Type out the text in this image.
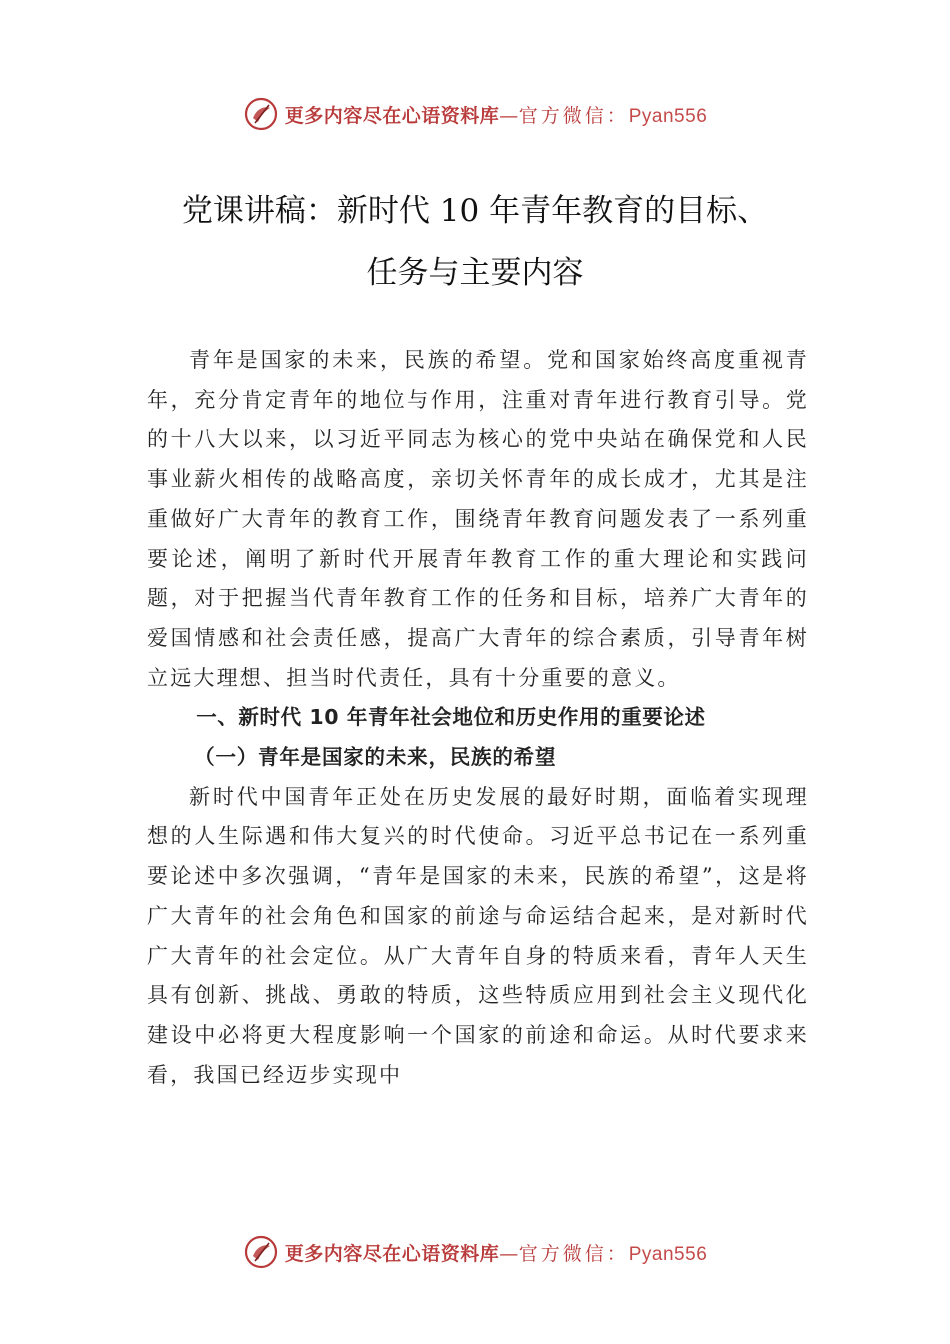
更多内容尽在心语资料库—官方微信：Pyan556
党课讲稿：新时代 10 年青年教育的目标、
任务与主要内容

青年是国家的未来，民族的希望。党和国家始终高度重视青年，充分肯定青年的地位与作用，注重对青年进行教育引导。党的十八大以来，以习近平同志为核心的党中央站在确保党和人民事业薪火相传的战略高度，亲切关怀青年的成长成才，尤其是注重做好广大青年的教育工作，围绕青年教育问题发表了一系列重要论述，阐明了新时代开展青年教育工作的重大理论和实践问题，对于把握当代青年教育工作的任务和目标，培养广大青年的爱国情感和社会责任感，提高广大青年的综合素质，引导青年树立远大理想、担当时代责任，具有十分重要的意义。

一、新时代 10 年青年社会地位和历史作用的重要论述
（一）青年是国家的未来，民族的希望

新时代中国青年正处在历史发展的最好时期，面临着实现理想的人生际遇和伟大复兴的时代使命。习近平总书记在一系列重要论述中多次强调，“青年是国家的未来，民族的希望”，这是将广大青年的社会角色和国家的前途与命运结合起来，是对新时代广大青年的社会定位。从广大青年自身的特质来看，青年人天生具有创新、挑战、勇敢的特质，这些特质应用到社会主义现代化建设中必将更大程度影响一个国家的前途和命运。从时代要求来看，我国已经迈步实现中

更多内容尽在心语资料库—官方微信：Pyan556
